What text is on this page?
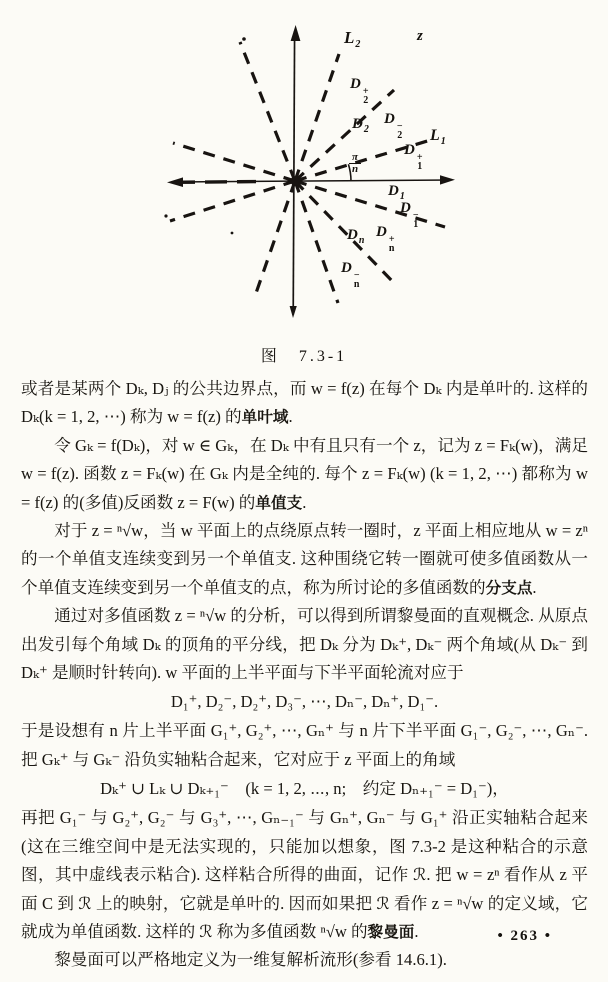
$L_2$
z
D +
2
$D_2$
D −
2 $L_1$
D +
1
$\frac{\pi}{n}$
$D_1$
D −
1
$D_n$
D +
n
D −
n
图　7.3-1

或者是某两个 Dₖ, Dⱼ 的公共边界点，而 w = f(z) 在每个 Dₖ 内是单叶的. 这样的 Dₖ(k = 1, 2, ⋯) 称为 w = f(z) 的单叶域.

令 Gₖ = f(Dₖ)，对 w ∈ Gₖ，在 Dₖ 中有且只有一个 z，记为 z = Fₖ(w)，满足 w = f(z). 函数 z = Fₖ(w) 在 Gₖ 内是全纯的. 每个 z = Fₖ(w) (k = 1, 2, ⋯) 都称为 w = f(z) 的(多值)反函数 z = F(w) 的单值支.

对于 z = ⁿ√w，当 w 平面上的点绕原点转一圈时，z 平面上相应地从 w = zⁿ 的一个单值支连续变到另一个单值支. 这种围绕它转一圈就可使多值函数从一个单值支连续变到另一个单值支的点，称为所讨论的多值函数的分支点.

通过对多值函数 z = ⁿ√w 的分析，可以得到所谓黎曼面的直观概念. 从原点出发引每个角域 Dₖ 的顶角的平分线，把 Dₖ 分为 Dₖ⁺, Dₖ⁻ 两个角域(从 Dₖ⁻ 到 Dₖ⁺ 是顺时针转向). w 平面的上半平面与下半平面轮流对应于

D₁⁺, D₂⁻, D₂⁺, D₃⁻, ⋯, Dₙ⁻, Dₙ⁺, D₁⁻.

于是设想有 n 片上半平面 G₁⁺, G₂⁺, ⋯, Gₙ⁺ 与 n 片下半平面 G₁⁻, G₂⁻, ⋯, Gₙ⁻. 把 Gₖ⁺ 与 Gₖ⁻ 沿负实轴粘合起来，它对应于 z 平面上的角域

Dₖ⁺ ∪ Lₖ ∪ Dₖ₊₁⁻　(k = 1, 2, ⋯, n;　约定 Dₙ₊₁⁻ = D₁⁻)，

再把 G₁⁻ 与 G₂⁺, G₂⁻ 与 G₃⁺, ⋯, Gₙ₋₁⁻ 与 Gₙ⁺, Gₙ⁻ 与 G₁⁺ 沿正实轴粘合起来(这在三维空间中是无法实现的，只能加以想象，图 7.3-2 是这种粘合的示意图，其中虚线表示粘合). 这样粘合所得的曲面，记作 ℛ. 把 w = zⁿ 看作从 z 平面 C 到 ℛ 上的映射，它就是单叶的. 因而如果把 ℛ 看作 z = ⁿ√w 的定义域，它就成为单值函数. 这样的 ℛ 称为多值函数 ⁿ√w 的黎曼面.

黎曼面可以严格地定义为一维复解析流形(参看 14.6.1).

• 263 •
